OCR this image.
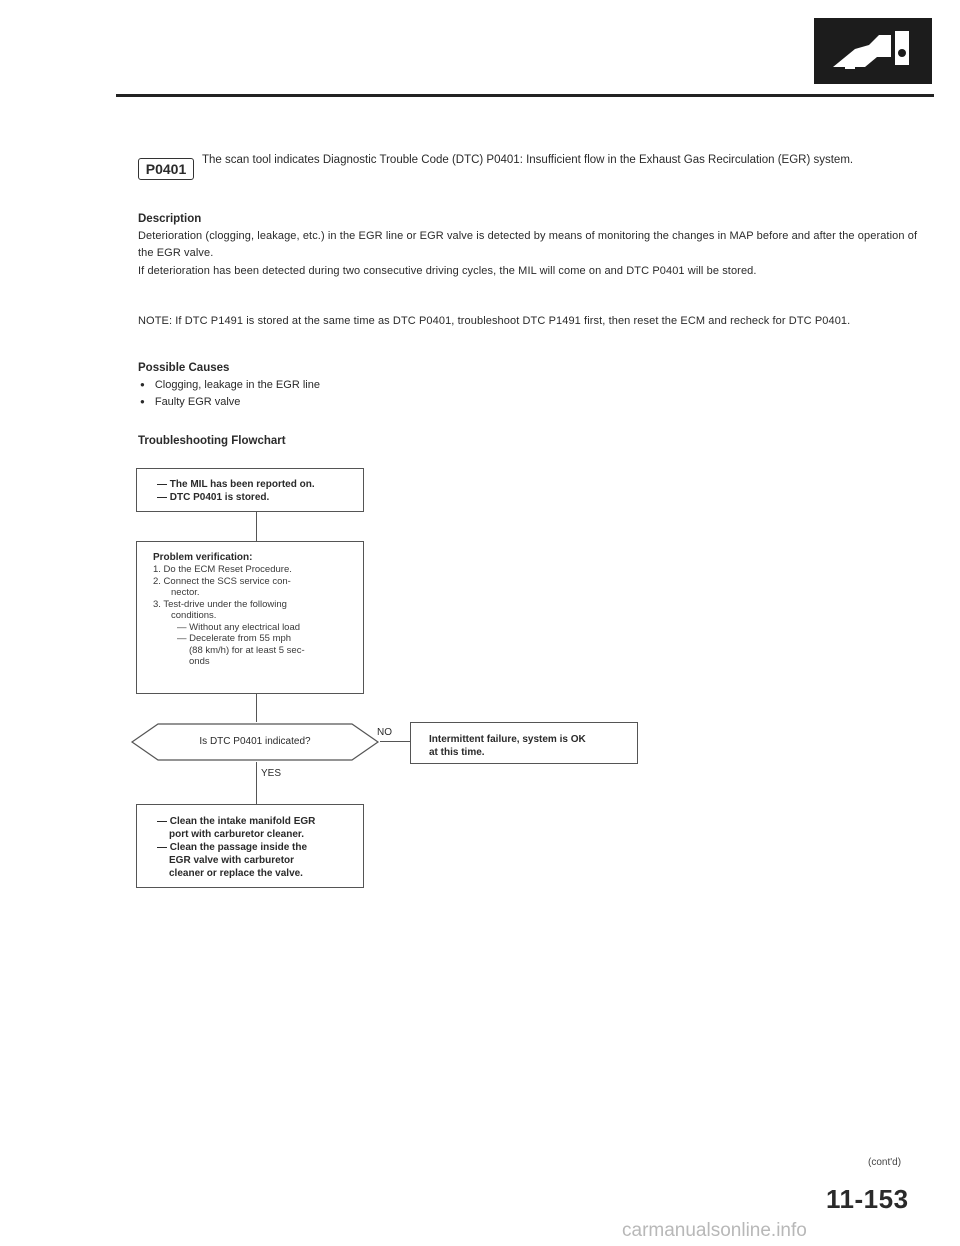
P0401
The scan tool indicates Diagnostic Trouble Code (DTC) P0401: Insufficient flow in the Exhaust Gas Recirculation (EGR) system.
Description
Deterioration (clogging, leakage, etc.) in the EGR line or EGR valve is detected by means of monitoring the changes in MAP before and after the operation of the EGR valve.
If deterioration has been detected during two consecutive driving cycles, the MIL will come on and DTC P0401 will be stored.
NOTE: If DTC P1491 is stored at the same time as DTC P0401, troubleshoot DTC P1491 first, then reset the ECM and recheck for DTC P0401.
Possible Causes
● Clogging, leakage in the EGR line
● Faulty EGR valve
Troubleshooting Flowchart
— The MIL has been reported on.
— DTC P0401 is stored.
Problem verification:
1. Do the ECM Reset Procedure.
2. Connect the SCS service con-
nector.
3. Test-drive under the following
conditions.
— Without any electrical load
— Decelerate from 55 mph
(88 km/h) for at least 5 sec-
onds
Is DTC P0401 indicated?
NO
Intermittent failure, system is OK
at this time.
YES
— Clean the intake manifold EGR
port with carburetor cleaner.
— Clean the passage inside the
EGR valve with carburetor
cleaner or replace the valve.
(cont'd)
11-153
carmanualsonline.info
